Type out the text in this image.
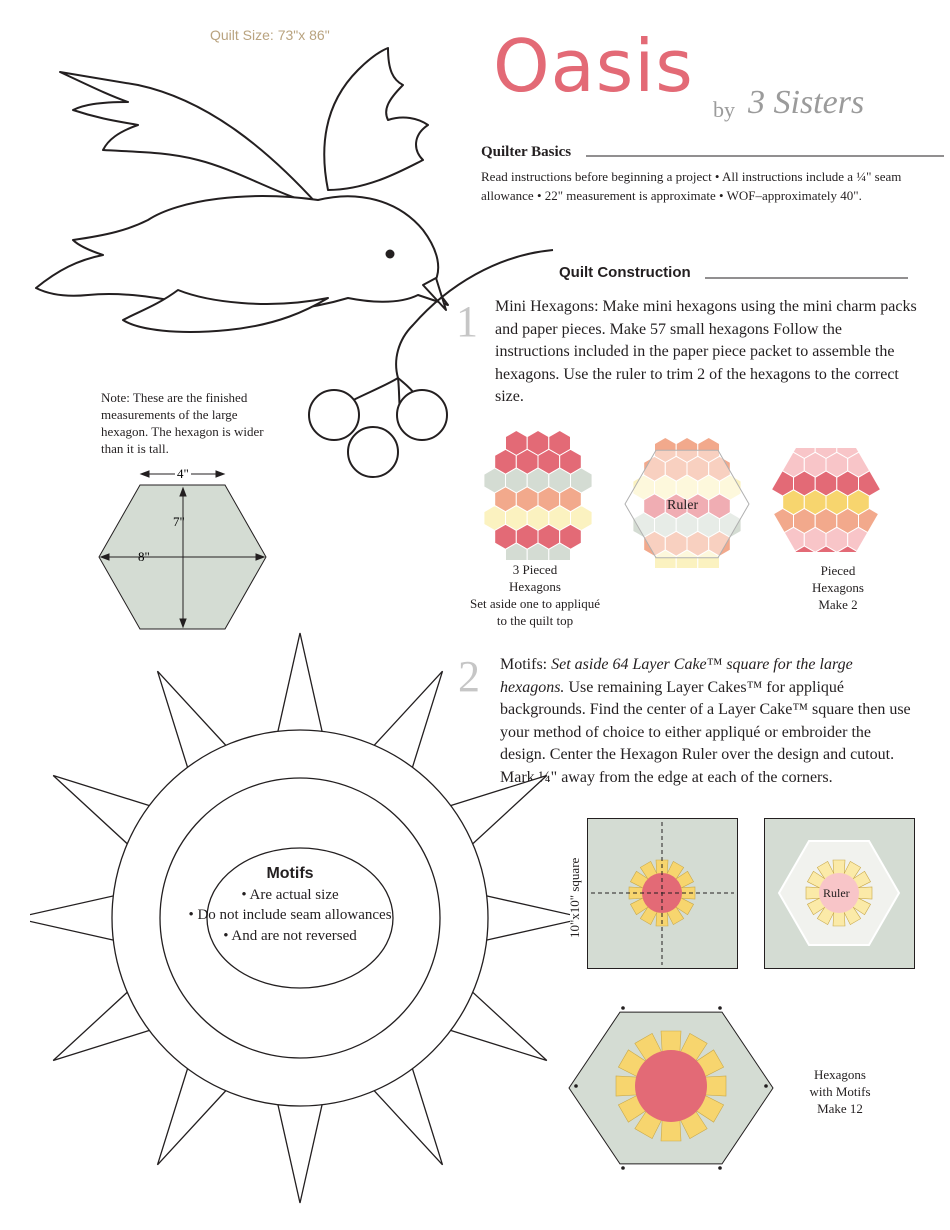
Quilt Size: 73"x 86" Oasis
by 3 Sisters
Quilter Basics
Read instructions before beginning a project • All instructions include a ¼" seam allowance • 22" measurement is approximate • WOF–approximately 40".
Quilt Construction
1 Mini Hexagons: Make mini hexagons using the mini charm packs and paper pieces. Make 57 small hexagons Follow the instructions included in the paper piece packet to assemble the hexagons. Use the ruler to trim 2 of the hexagons to the correct size.
2 Motifs: Set aside 64 Layer Cake™ square for the large hexagons. Use remaining Layer Cakes™ for appliqué backgrounds. Find the center of a Layer Cake™ square then use your method of choice to either appliqué or embroider the design. Center the Hexagon Ruler over the design and cutout. Mark ¼" away from the edge at each of the corners.
Note: These are the finished measurements of the large hexagon. The hexagon is wider than it is tall.
4"
7"
8"
Ruler
3 Pieced
Hexagons
Set aside one to appliqué
to the quilt top
Pieced
Hexagons
Make 2
Motifs
• Are actual size
• Do not include seam allowances
• And are not reversed	10"x10" square	Ruler
Hexagons
with Motifs
Make 12
